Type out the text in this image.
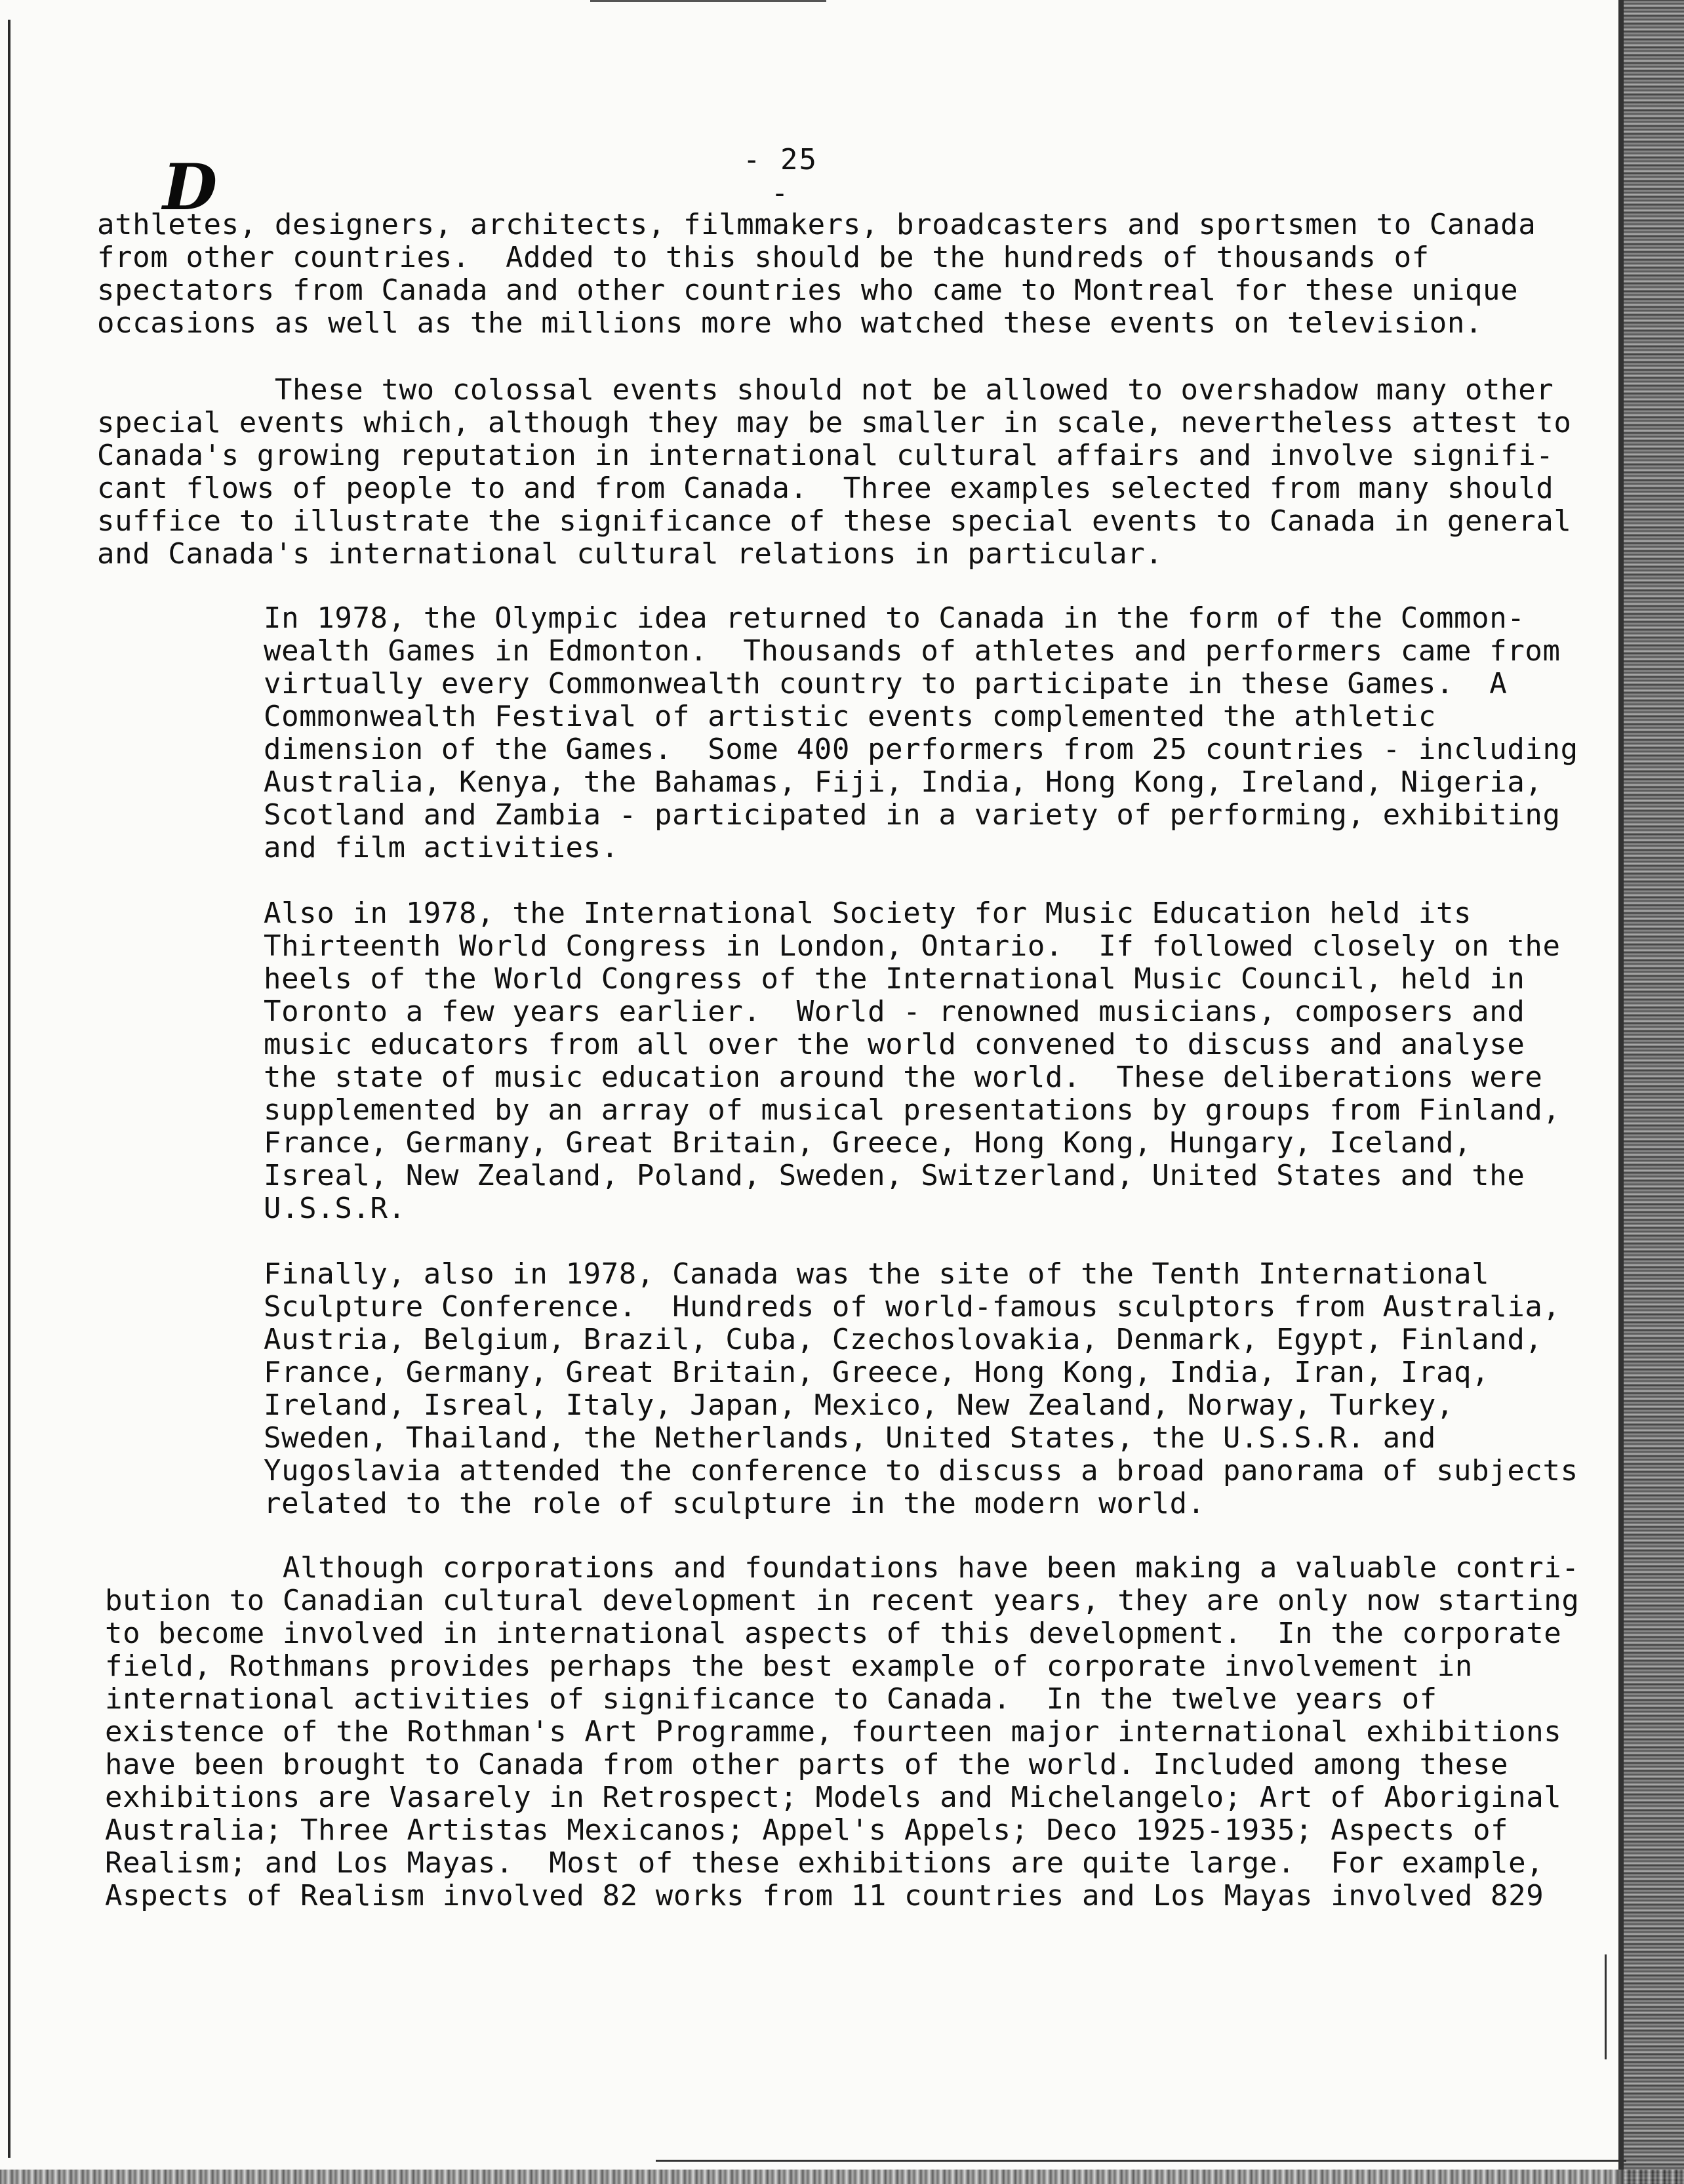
- 25 -
D
athletes, designers, architects, filmmakers, broadcasters and sportsmen to Canada
from other countries.  Added to this should be the hundreds of thousands of
spectators from Canada and other countries who came to Montreal for these unique
occasions as well as the millions more who watched these events on television.
These two colossal events should not be allowed to overshadow many other
special events which, although they may be smaller in scale, nevertheless attest to
Canada's growing reputation in international cultural affairs and involve signifi-
cant flows of people to and from Canada.  Three examples selected from many should
suffice to illustrate the significance of these special events to Canada in general
and Canada's international cultural relations in particular.
In 1978, the Olympic idea returned to Canada in the form of the Common-
wealth Games in Edmonton.  Thousands of athletes and performers came from
virtually every Commonwealth country to participate in these Games.  A
Commonwealth Festival of artistic events complemented the athletic
dimension of the Games.  Some 400 performers from 25 countries - including
Australia, Kenya, the Bahamas, Fiji, India, Hong Kong, Ireland, Nigeria,
Scotland and Zambia - participated in a variety of performing, exhibiting
and film activities.
Also in 1978, the International Society for Music Education held its
Thirteenth World Congress in London, Ontario.  If followed closely on the
heels of the World Congress of the International Music Council, held in
Toronto a few years earlier.  World - renowned musicians, composers and
music educators from all over the world convened to discuss and analyse
the state of music education around the world.  These deliberations were
supplemented by an array of musical presentations by groups from Finland,
France, Germany, Great Britain, Greece, Hong Kong, Hungary, Iceland,
Isreal, New Zealand, Poland, Sweden, Switzerland, United States and the
U.S.S.R.
Finally, also in 1978, Canada was the site of the Tenth International
Sculpture Conference.  Hundreds of world-famous sculptors from Australia,
Austria, Belgium, Brazil, Cuba, Czechoslovakia, Denmark, Egypt, Finland,
France, Germany, Great Britain, Greece, Hong Kong, India, Iran, Iraq,
Ireland, Isreal, Italy, Japan, Mexico, New Zealand, Norway, Turkey,
Sweden, Thailand, the Netherlands, United States, the U.S.S.R. and
Yugoslavia attended the conference to discuss a broad panorama of subjects
related to the role of sculpture in the modern world.
Although corporations and foundations have been making a valuable contri-
bution to Canadian cultural development in recent years, they are only now starting
to become involved in international aspects of this development.  In the corporate
field, Rothmans provides perhaps the best example of corporate involvement in
international activities of significance to Canada.  In the twelve years of
existence of the Rothman's Art Programme, fourteen major international exhibitions
have been brought to Canada from other parts of the world. Included among these
exhibitions are Vasarely in Retrospect; Models and Michelangelo; Art of Aboriginal
Australia; Three Artistas Mexicanos; Appel's Appels; Deco 1925-1935; Aspects of
Realism; and Los Mayas.  Most of these exhibitions are quite large.  For example,
Aspects of Realism involved 82 works from 11 countries and Los Mayas involved 829
